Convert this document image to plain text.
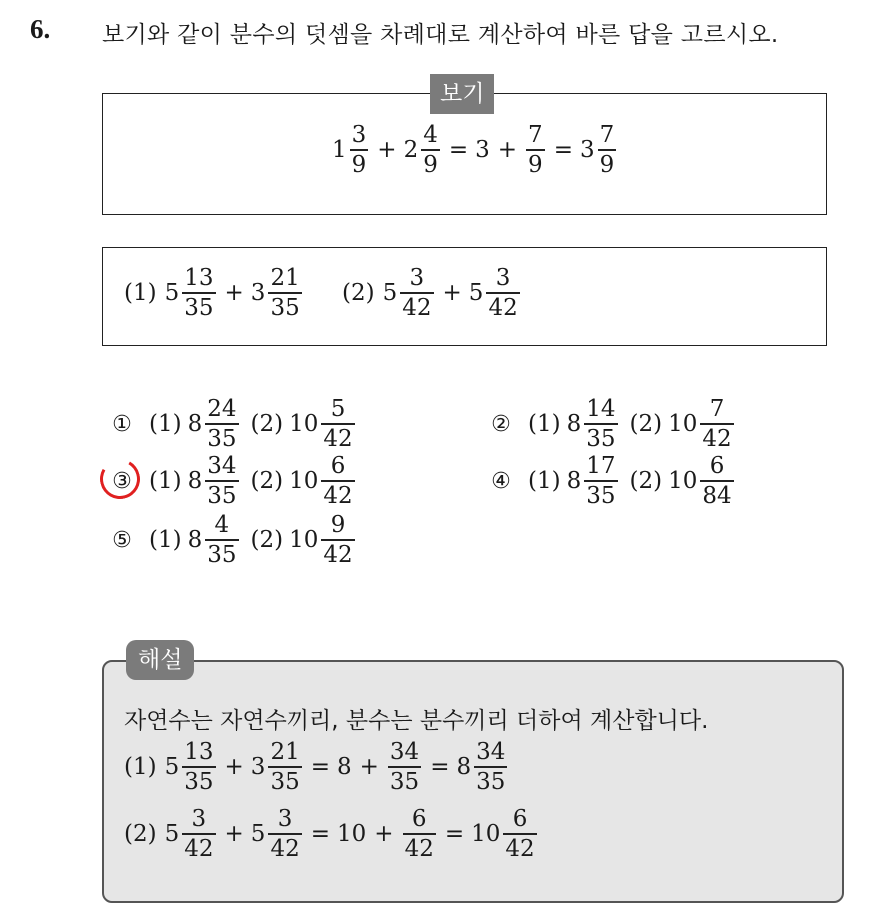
6. 보기와 같이 분수의 덧셈을 차례대로 계산하여 바른 답을 고르시오.
보기
$1 \frac{3}{9} + 2 \frac{4}{9} = 3 + \frac{7}{9} = 3 \frac{7}{9}$
(1) $5 \frac{13}{35} + 3 \frac{21}{35} (2)$ $5 \frac{3}{42} + 5 \frac{3}{42}$
① (1) $8 \frac{24}{35} (2)$ $10 \frac{5}{42}$	② (1) $8 \frac{14}{35} (2)$ $10 \frac{7}{42}$
③ (1) $8 \frac{34}{35} (2)$ $10 \frac{6}{42}$	④ (1) $8 \frac{17}{35} (2)$ $10 \frac{6}{84}$
⑤ (1) $8 \frac{4}{35} (2)$ $10 \frac{9}{42}$
해설
자연수는 자연수끼리, 분수는 분수끼리 더하여 계산합니다.
(1) $5 \frac{13}{35} + 3 \frac{21}{35} = 8 + \frac{34}{35} = 8 \frac{34}{35}$
(2) $5 \frac{3}{42} + 5 \frac{3}{42} = 10 + \frac{6}{42} = 10 \frac{6}{42}$
